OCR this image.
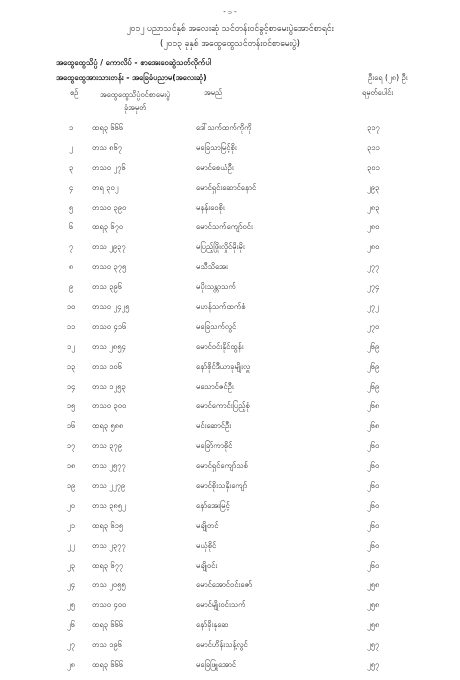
- ၁ -
၂၀၁၂ ပညာသင်နှစ် အလေးဆုံ သင်တန်းဝင်ခွင့်စာမေးပွဲအောင်စာရင်း
(၂၀၁၃ ခုနှစ် အထွေထွေသင်တန်းဝင်စာမေးပွဲ)
အထွေထွေသိပ္ပံ / ကောလိပ် - စာအေးဝေဆွဲသတ်လိုက်ပါ
အထွေထွေအားသားတန်း - အခြေခံပညာမ(အလေးဆုံ)	ဦးရေ (၂၈) ဦး
စဉ်	အထွေထွေသိပ္ပံဝင်စာမေးပွဲ
ခုံအမှတ်
အမည်	ရမှတ်ပေါင်း
၁	ထရ၃ ၆၆၆	ဒေါ်သက်ထက်ကိုကို	၃၁၇
၂	တသ ၈၆၇	မခြေသာမြင့်စိုး	၃၁၁
၃	တသ၀ ၂၇၆	မောင်စေယံဦး	၃၀၁
၄	တရ ၃၀၂	မောင်ရှင်းဆောင်နောင်	၂၉၃
၅	တသ၀ ၃၉၀	မနန်းဝေစိုး	၂၈၃
၆	ထရ၃ ၆၇၀	မောင်သက်ကျော်ဝင်း	၂၈၀
၇	တသ ၂၉၃၇	မပြည့်ဖြိုးလှိုင်မိုးမိုး	၂၈၀
၈	တသ၀ ၃၇၅	မသီသိအေး	၂၇၇
၉	တသ ၃၉၆	မပိုးသန္တာသက်	၂၇၄
၁၀	တသ၀ ၂၄၂၅	မဟန်သက်ထက်စံ	၂၇၂
၁၁	တသ၀ ၄၁၆	မခြေသက်လွင်	၂၇၀
၁၂	တသ ၂၈၅၄	မောင်ဝင်းနိုင်ထွန်း	၂၆၉
၁၃	တသ ၁၀၆	နော်စိုင်ဒီယာခုမျိုးလှူ	၂၆၉
၁၄	တသ ၁၂၅၃	မသောင်ဇင်ဦး	၂၆၉
၁၅	တသ၀ ၃၀၀	မောင်ကောင်းပြည့်စုံ	၂၆၈
၁၆	ထရ၃ ၅၈၈	မင်းဆောင်ဦး	၂၆၈
၁၇	တသ ၃၇၉	မခြော်ကာစိုင်	၂၆၀
၁၈	တသ ၂၅၇၇	မောင်ရှင်ကျော်သစ်	၂၆၀
၁၉	တသ ၂၂၇၉	မောင်စိုးသနိုးကျော်	၂၆၀
၂၀	တသ ၃၈၅၂	နော်အေးမြင့်	၂၆၀
၂၁	ထရ၃ ၆၁၅	မချိုတင်	၂၆၀
၂၂	တသ ၂၃၇၇	မယုံစိုင်	၂၆၀
၂၃	ထရ၃ ၆၇၇	မချိုဝင်း	၂၆၀
၂၄	တသ ၂၀၅၅	မောင်အောင်ဝင်းဇော်	၂၅၈
၂၅	တသ၀ ၄၀၀	မောင်မျိုးဝင်းသက်	၂၅၈
၂၆	ထရ၃ ၆၆၆	နော်ခိုးနုဆေ	၂၅၈
၂၇	တသ ၁၉၆	မောင်ဟိန်းသန့်လွင်	၂၅၇
၂၈	ထရ၃ ၆၆၆	မခြေဖြူအောင်	၂၅၇
